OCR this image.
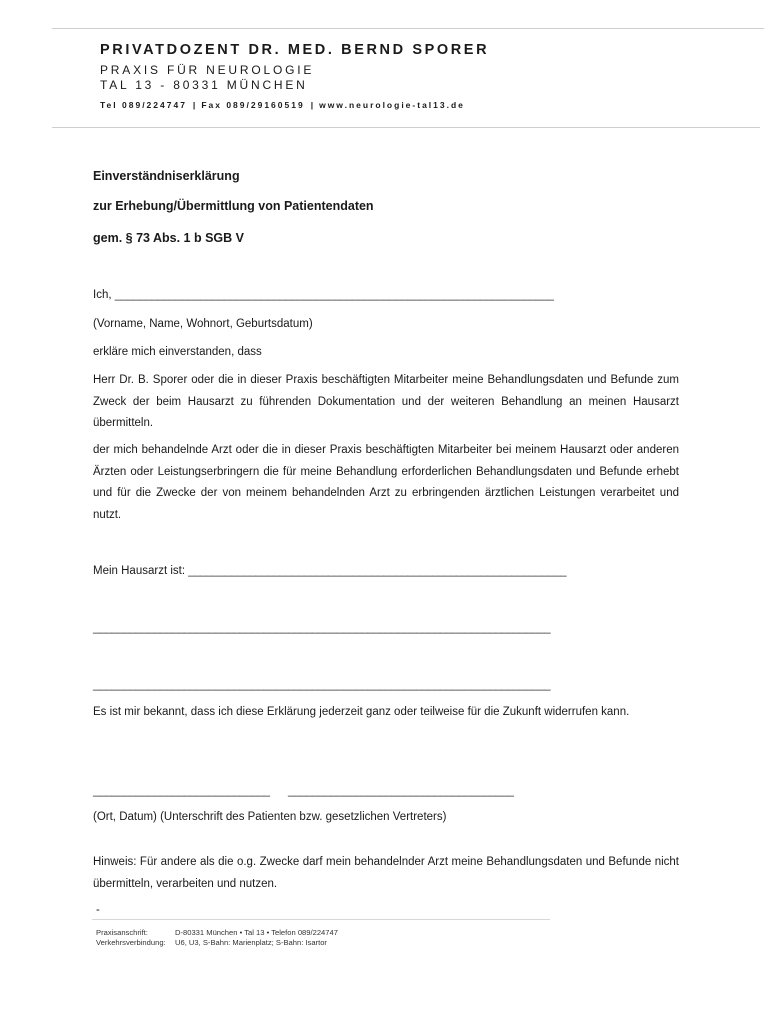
PRIVATDOZENT DR. MED. BERND SPORER
PRAXIS FÜR NEUROLOGIE
TAL 13 - 80331 MÜNCHEN
Tel 089/224747 | Fax 089/29160519 | www.neurologie-tal13.de
Einverständniserklärung
zur Erhebung/Übermittlung von Patientendaten
gem. § 73 Abs. 1 b SGB V
Ich, ________________________________________________________________________
(Vorname, Name, Wohnort, Geburtsdatum)
erkläre mich einverstanden, dass
Herr Dr. B. Sporer oder die in dieser Praxis beschäftigten Mitarbeiter meine Behandlungsdaten und Befunde zum Zweck der beim Hausarzt zu führenden Dokumentation und der weiteren Behandlung an meinen Hausarzt übermitteln.
der mich behandelnde Arzt oder die in dieser Praxis beschäftigten Mitarbeiter bei meinem Hausarzt oder anderen Ärzten oder Leistungserbringern die für meine Behandlung erforderlichen Behandlungsdaten und Befunde erhebt und für die Zwecke der von meinem behandelnden Arzt zu erbringenden ärztlichen Leistungen verarbeitet und nutzt.
Mein Hausarzt ist: ______________________________________________________________
___________________________________________________________________________
___________________________________________________________________________
Es ist mir bekannt, dass ich diese Erklärung jederzeit ganz oder teilweise für die Zukunft widerrufen kann.
_____________________________ _____________________________________
(Ort, Datum) (Unterschrift des Patienten bzw. gesetzlichen Vertreters)
Hinweis: Für andere als die o.g. Zwecke darf mein behandelnder Arzt meine Behandlungsdaten und Befunde nicht übermitteln, verarbeiten und nutzen.
-
Praxisanschrift:	D-80331 München • Tal 13 • Telefon 089/224747
Verkehrsverbindung: U6, U3, S-Bahn: Marienplatz; S-Bahn: Isartor
